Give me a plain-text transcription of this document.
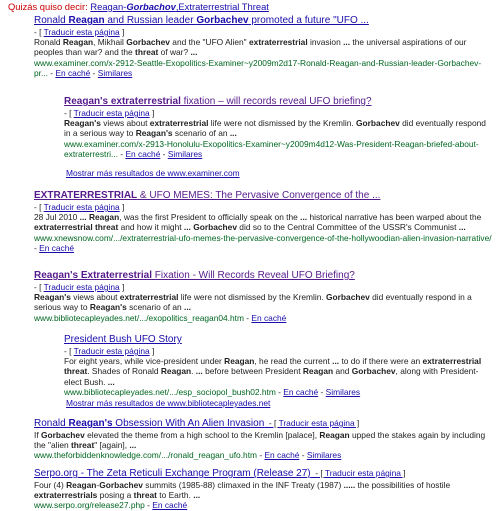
Quizás quiso decir: Reagan-Gorbachov,Extraterrestrial Threat
Ronald Reagan and Russian leader Gorbachev promoted a future "UFO ...
- [ Traducir esta página ]
Ronald Reagan, Mikhail Gorbachev and the "UFO Alien" extraterrestrial invasion ... the universal aspirations of our peoples than war? and the threat of war? ...
www.examiner.com/x-2912-Seattle-Exopolitics-Examiner~y2009m2d17-Ronald-Reagan-and-Russian-leader-Gorbachev-pr... - En caché - Similares
Reagan's extraterrestrial fixation – will records reveal UFO briefing?
- [ Traducir esta página ]
Reagan's views about extraterrestrial life were not dismissed by the Kremlin. Gorbachev did eventually respond in a serious way to Reagan's scenario of an ...
www.examiner.com/x-2913-Honolulu-Exopolitics-Examiner~y2009m4d12-Was-President-Reagan-briefed-about-extraterrestri... - En caché - Similares
Mostrar más resultados de www.examiner.com
EXTRATERRESTRIAL & UFO MEMES: The Pervasive Convergence of the ...
- [ Traducir esta página ]
28 Jul 2010 ... Reagan, was the first President to officially speak on the ... historical narrative has been warped about the extraterrestrial threat and how it might ... Gorbachev did so to the Central Committee of the USSR's Communist ...
www.xnewsnow.com/.../extraterrestrial-ufo-memes-the-pervasive-convergence-of-the-hollywoodian-alien-invasion-narrative/ - En caché
Reagan's Extraterrestrial Fixation - Will Records Reveal UFO Briefing?
- [ Traducir esta página ]
Reagan's views about extraterrestrial life were not dismissed by the Kremlin. Gorbachev did eventually respond in a serious way to Reagan's scenario of an ...
www.bibliotecapleyades.net/.../exopolitics_reagan04.htm - En caché
President Bush UFO Story
- [ Traducir esta página ]
For eight years, while vice-president under Reagan, he read the current ... to do if there were an extraterrestrial threat. Shades of Ronald Reagan. ... before between President Reagan and Gorbachev, along with President-elect Bush. ...
www.bibliotecapleyades.net/.../esp_sociopol_bush02.htm - En caché - Similares
Mostrar más resultados de www.bibliotecapleyades.net
Ronald Reagan's Obsession With An Alien Invasion  - [ Traducir esta página ]
If Gorbachev elevated the theme from a high school to the Kremlin [palace], Reagan upped the stakes again by including the "alien threat" [again], ...
www.theforbiddenknowledge.com/.../ronald_reagan_ufo.htm - En caché - Similares
Serpo.org - The Zeta Reticuli Exchange Program (Release 27)  - [ Traducir esta página ]
Four (4) Reagan-Gorbachev summits (1985-88) climaxed in the INF Treaty (1987) ..... the possibilities of hostile extraterrestrials posing a threat to Earth. ...
www.serpo.org/release27.php - En caché
